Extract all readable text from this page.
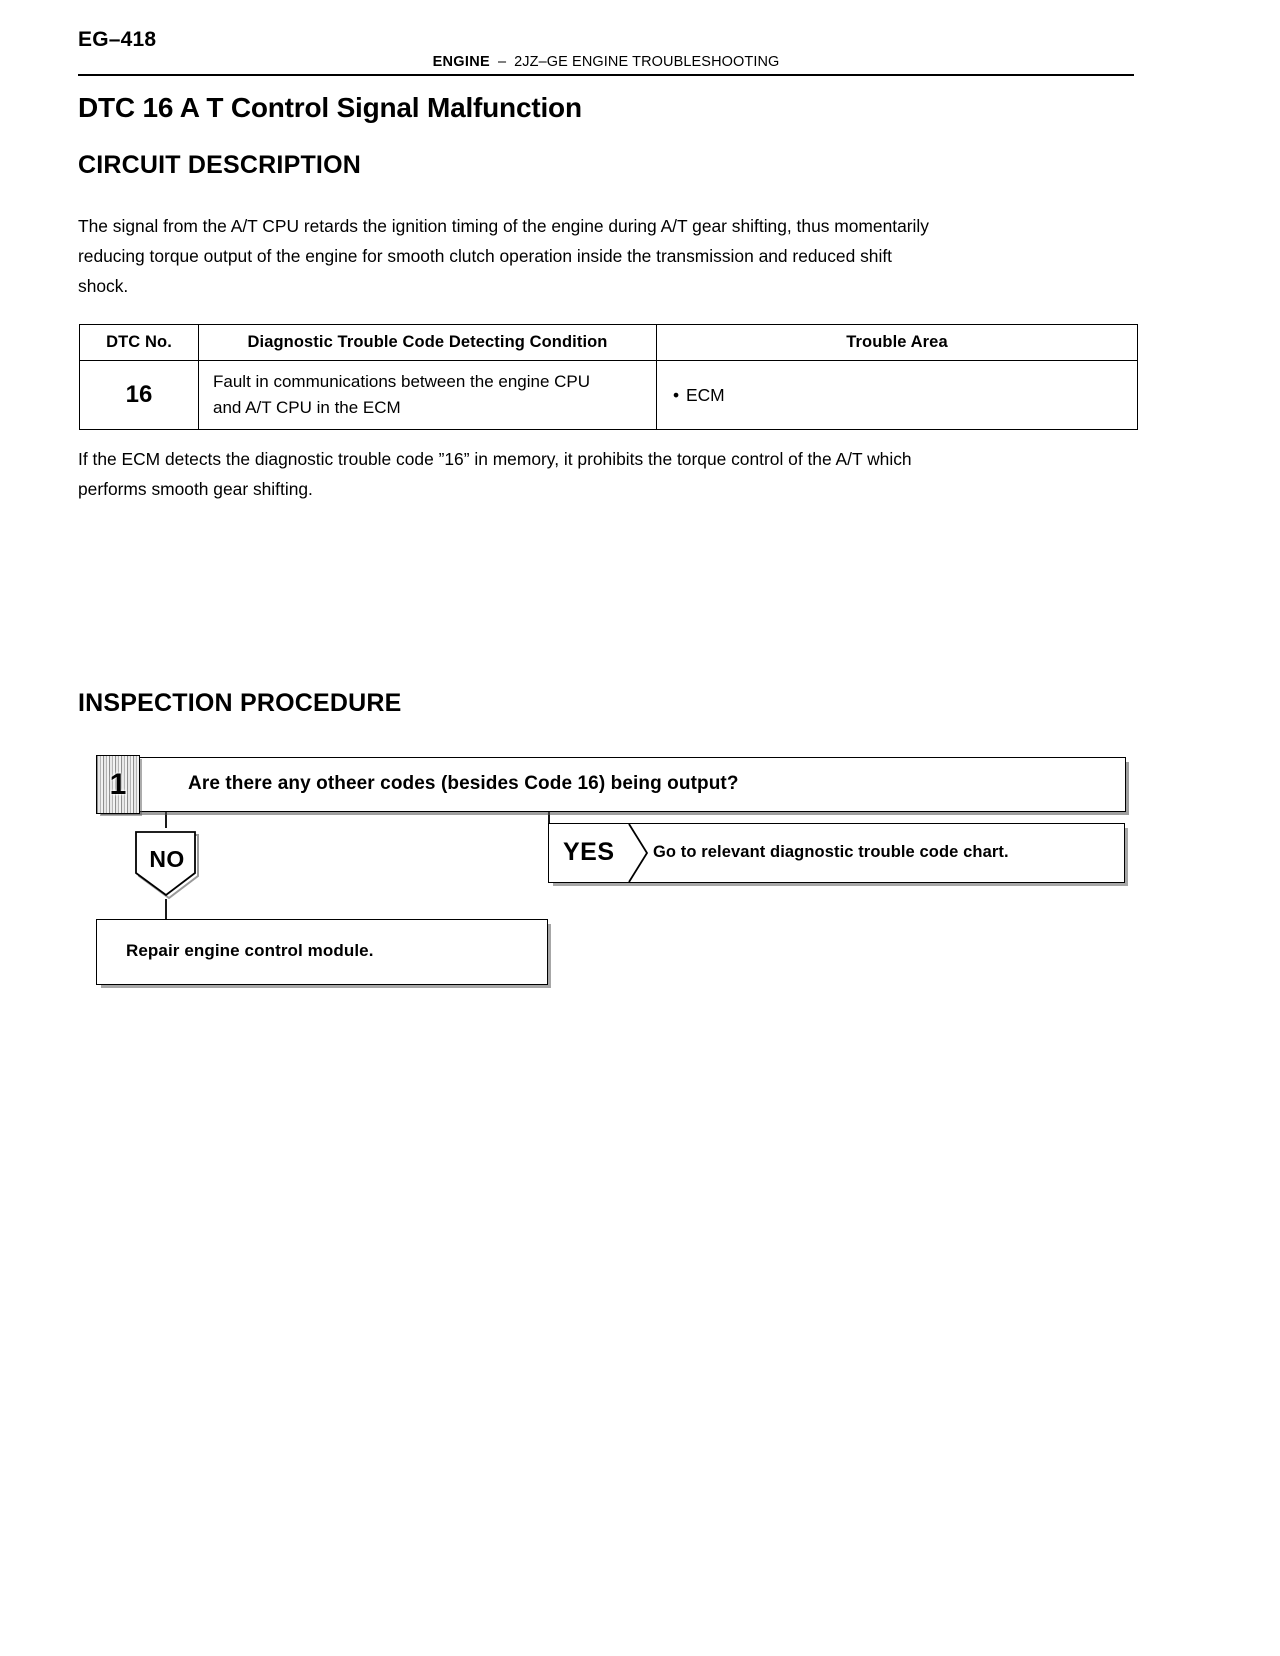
EG–418
ENGINE – 2JZ–GE ENGINE TROUBLESHOOTING
DTC 16 A T Control Signal Malfunction
CIRCUIT DESCRIPTION
The signal from the A/T CPU retards the ignition timing of the engine during A/T gear shifting, thus momentarily
reducing torque output of the engine for smooth clutch operation inside the transmission and reduced shift
shock.
DTC No.	Diagnostic Trouble Code Detecting Condition	Trouble Area
16	Fault in communications between the engine CPU
and A/T CPU in the ECM	• ECM
If the ECM detects the diagnostic trouble code ”16” in memory, it prohibits the torque control of the A/T which
performs smooth gear shifting.
INSPECTION PROCEDURE
1	Are there any otheer codes (besides Code 16) being output?
YES Go to relevant diagnostic trouble code chart.
NO
Repair engine control module.
